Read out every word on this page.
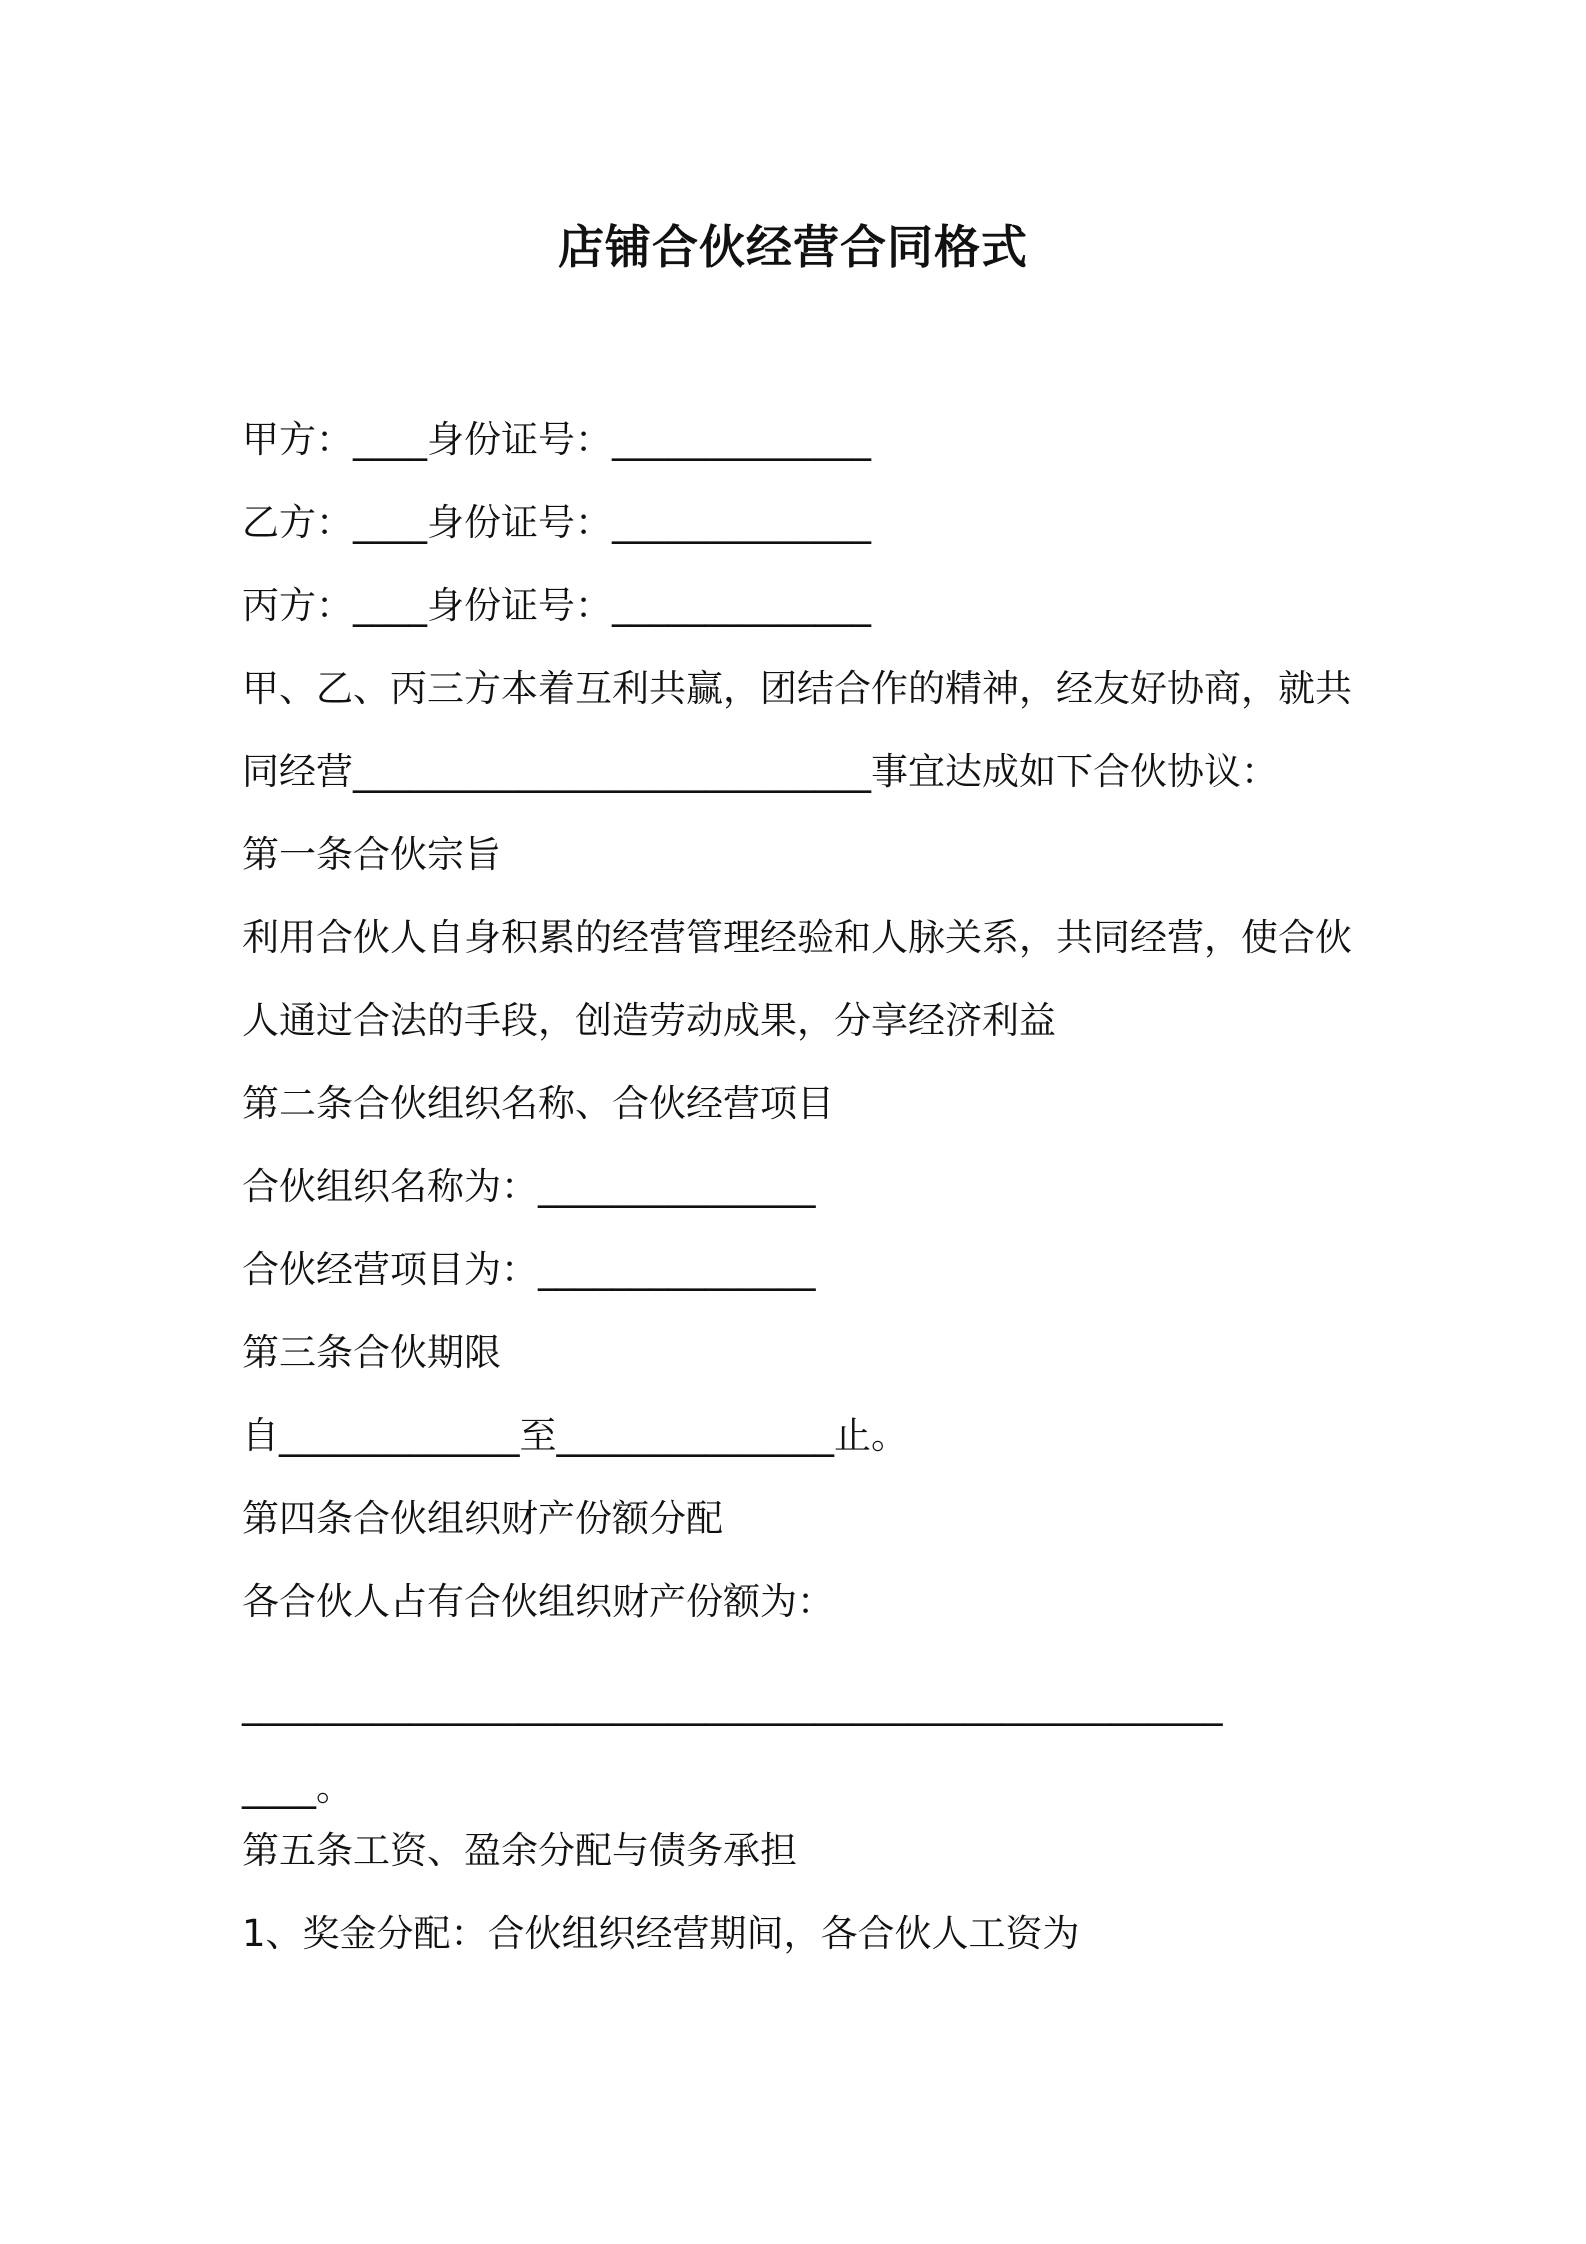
店铺合伙经营合同格式
甲方：____身份证号：______________
乙方：____身份证号：______________
丙方：____身份证号：______________
甲、乙、丙三方本着互利共赢，团结合作的精神，经友好协商，就共
同经营____________________________事宜达成如下合伙协议：
第一条合伙宗旨
利用合伙人自身积累的经营管理经验和人脉关系，共同经营，使合伙
人通过合法的手段，创造劳动成果，分享经济利益
第二条合伙组织名称、合伙经营项目
合伙组织名称为：_______________
合伙经营项目为：_______________
第三条合伙期限
自_____________至_______________止。
第四条合伙组织财产份额分配
各合伙人占有合伙组织财产份额为：
_____________________________________________________
____。
第五条工资、盈余分配与债务承担
1、奖金分配：合伙组织经营期间，各合伙人工资为
